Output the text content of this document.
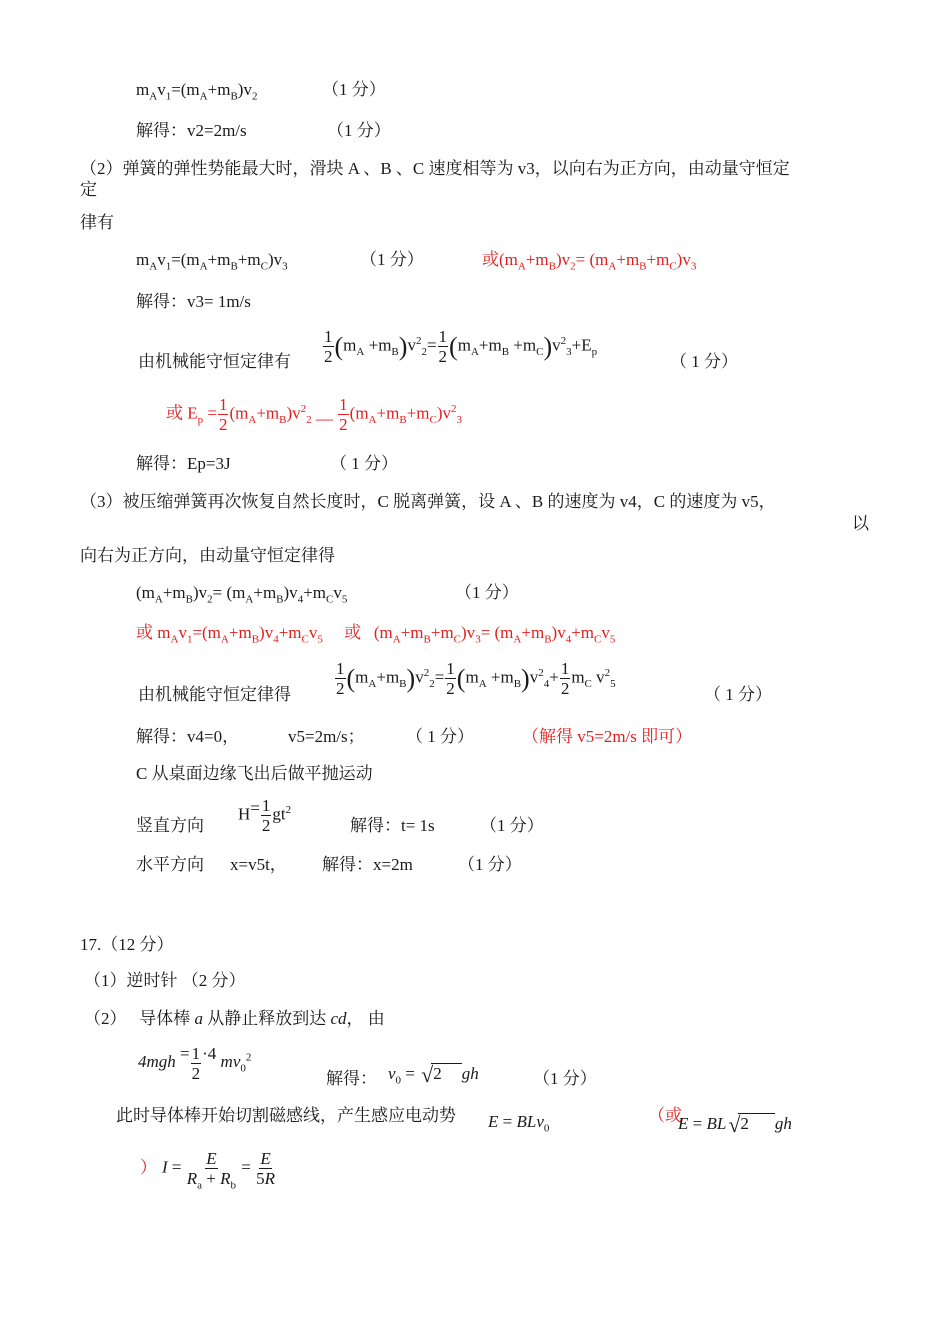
$m_Av_1=(m_A+m_B)v_2$	（1 分）
解得：v2=2m/s	（1 分）
（2）弹簧的弹性势能最大时，滑块 A 、B 、C 速度相等为 v3，以向右为正方向，由动量守恒定
定
律有
$m_Av_1=(m_A+m_B+m_C)v_3$	（1 分）	或$(m_A+m_B)v_2= (m_A+m_B+m_C)v_3$
解得：v3= 1m/s
由机械能守恒定律有 $\frac{1}{2} (m_A +m_B)v^2_2= \frac{1}{2} (m_A+m_B +m_C)v^2_3+E_p$
（ 1 分）
或 $E_p = \frac{1}{2} (m_A+m_B)v^2_2$ __ $\frac{1}{2} (m_A+m_B+m_C)v^2_3$
解得：Ep=3J	（ 1 分）
（3）被压缩弹簧再次恢复自然长度时，C 脱离弹簧，设 A 、B 的速度为 v4，C 的速度为 v5，
以
向右为正方向，由动量守恒定律得
$(m_A+m_B)v_2= (m_A+m_B)v_4+m_Cv_5$	（1 分）
或 $m_Av_1=(m_A+m_B)v_4+m_Cv_5$ 或   $(m_A+m_B+m_C)v_3= (m_A+m_B)v_4+m_Cv_5$
由机械能守恒定律得	$\frac{1}{2} (m_A+m_B)v^2_2= \frac{1}{2} (m_A +m_B)v^2_4+ \frac{1}{2} m_C$ $v^2_5$
（ 1 分）
解得：v4=0，	v5=2m/s； （ 1 分）	（解得 v5=2m/s 即可）
C 从桌面边缘飞出后做平抛运动
竖直方向
$H= \frac{1}{2} gt^2$
解得：t= 1s	（1 分）
水平方向 x=v5t， 解得：x=2m	（1 分）
17.（12 分）
（1）逆时针 （2 分）
（2） 导体棒 a 从静止释放到达 cd， 由
$4mgh = \frac{1}{2} \cdot 4$ $mv_0^2$
解得： $v_0 = √2$ gh	（1 分）
此时导体棒开始切割磁感线，产生感应电动势 E = BLv$_0$
（或
E = BL√2 gh
） $I = \frac{E}{R_a + R_b} = \frac{E}{5R}$
